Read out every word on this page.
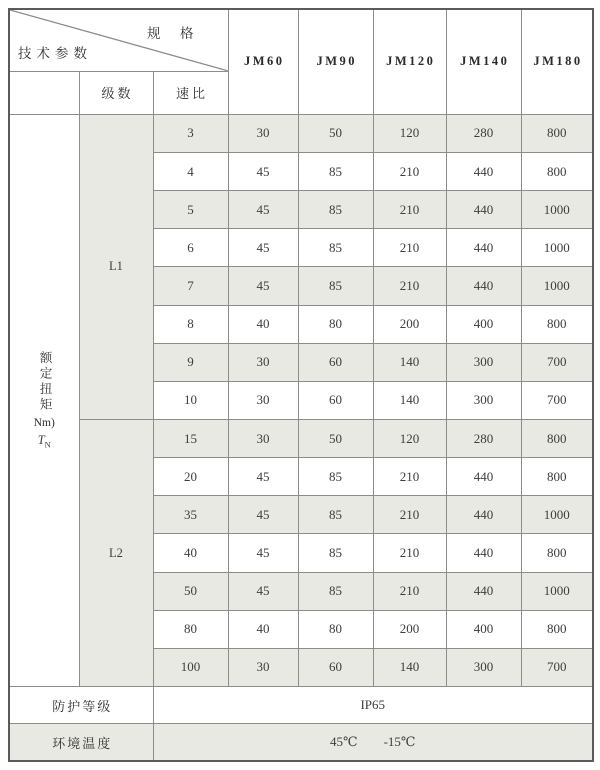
规 格
技术参数			JM60	JM90	JM120	JM140	JM180
	级数	速比					

额定扭矩
Nm)
$T_N$	L1	3	30	50	120	280	800
		4	45	85	210	440	800
		5	45	85	210	440	1000
		6	45	85	210	440	1000
		7	45	85	210	440	1000
		8	40	80	200	400	800
		9	30	60	140	300	700
		10	30	60	140	300	700
	L2	15	30	50	120	280	800
		20	45	85	210	440	800
		35	45	85	210	440	1000
		40	45	85	210	440	800
		50	45	85	210	440	1000
		80	40	80	200	400	800
		100	30	60	140	300	700
防护等级		IP65					
环境温度		45℃ -15℃					
